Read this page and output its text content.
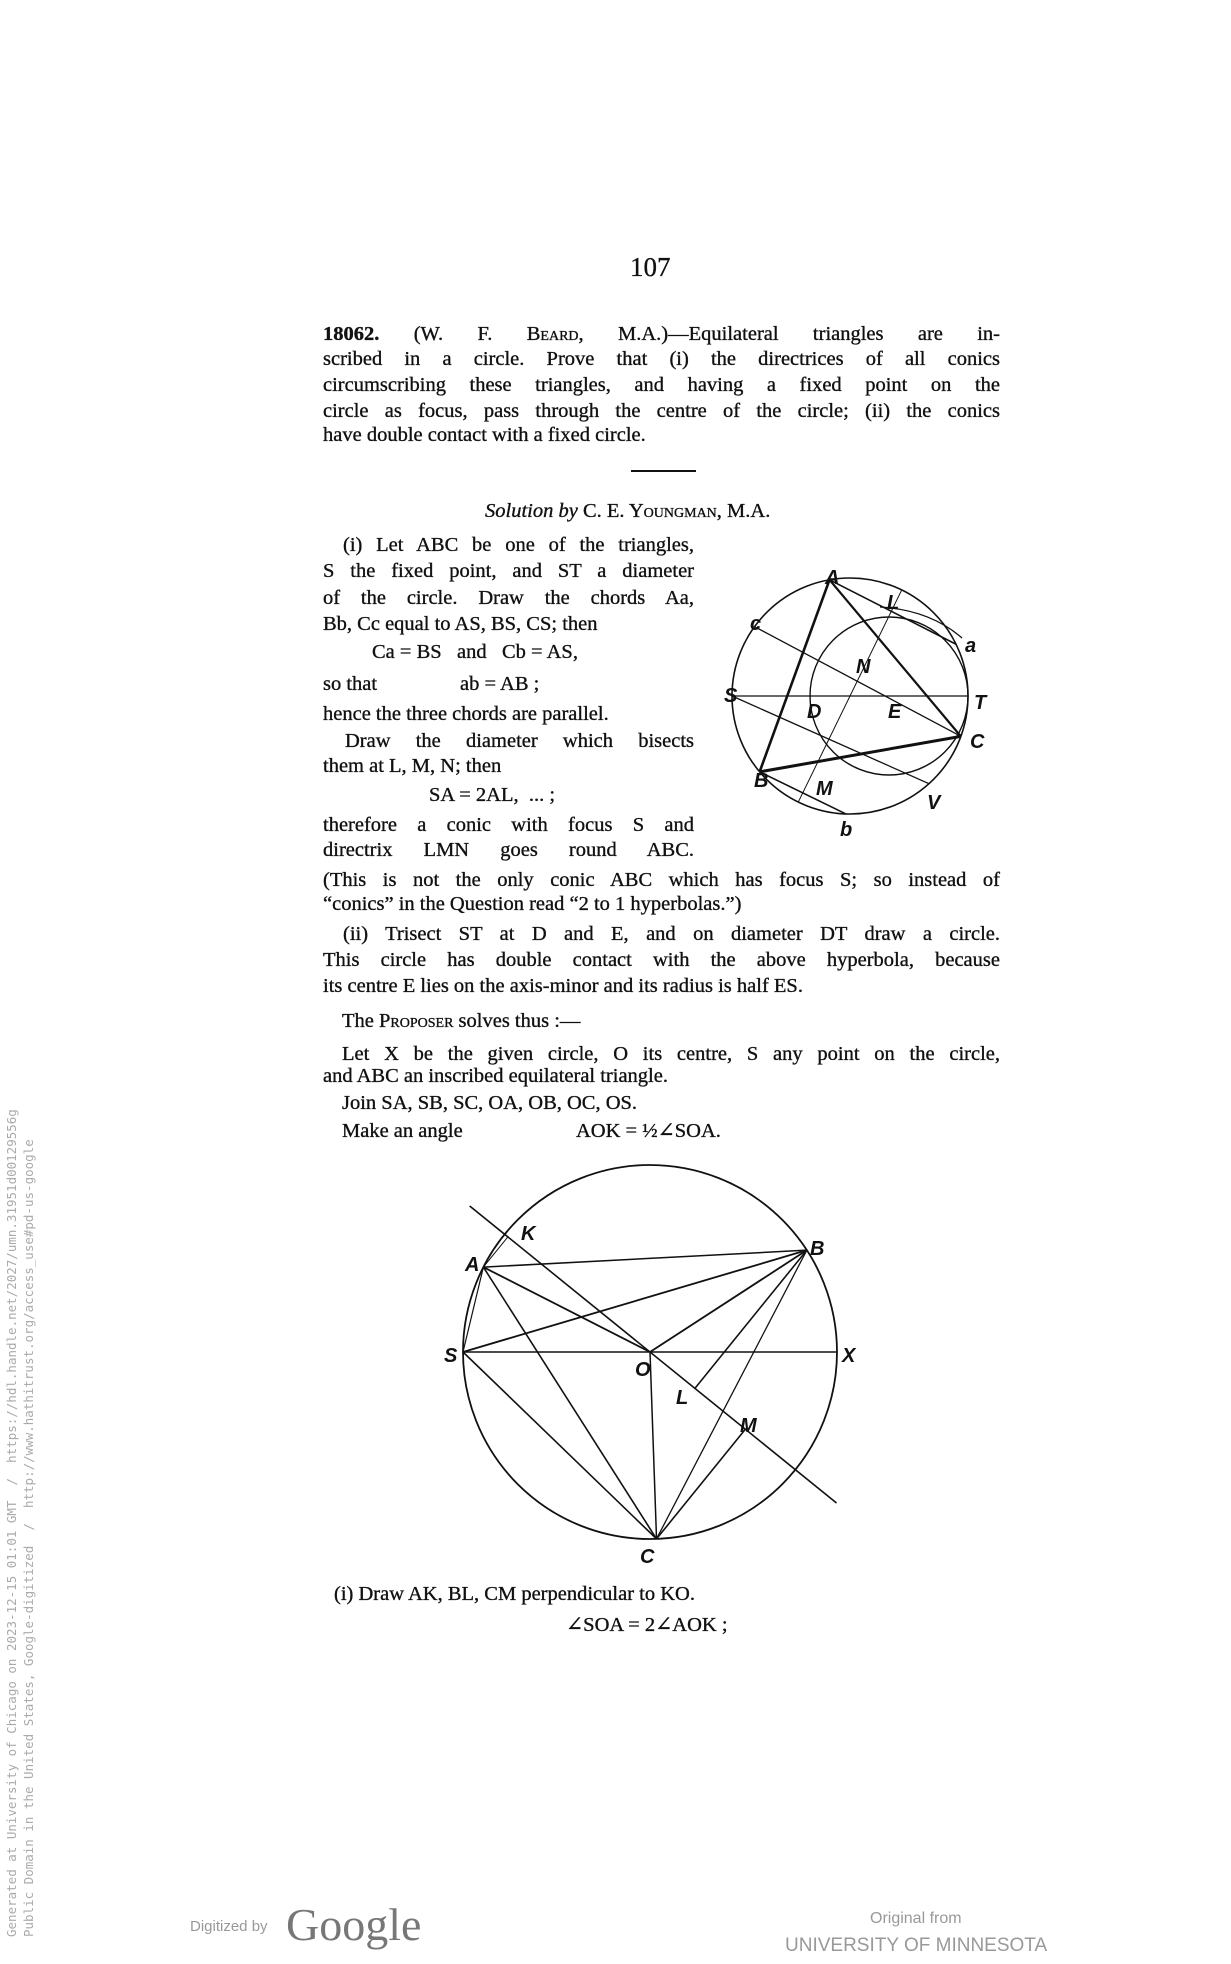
107
18062. (W. F. Beard, M.A.)—Equilateral triangles are in-
scribed in a circle. Prove that (i) the directrices of all conics
circumscribing these triangles, and having a fixed point on the
circle as focus, pass through the centre of the circle; (ii) the conics
have double contact with a fixed circle.
Solution by C. E. Youngman, M.A.
(i) Let ABC be one of the triangles,
S the fixed point, and ST a diameter
of the circle. Draw the chords Aa,
Bb, Cc equal to AS, BS, CS; then
Ca = BS   and   Cb = AS,
so that	ab = AB ;
hence the three chords are parallel.
Draw the diameter which bisects
them at L, M, N; then
SA = 2AL,  ... ;
therefore a conic with focus S and
directrix LMN goes round ABC.
(This is not the only conic ABC which has focus S; so instead of
“conics” in the Question read “2 to 1 hyperbolas.”)
(ii) Trisect ST at D and E, and on diameter DT draw a circle.
This circle has double contact with the above hyperbola, because
its centre E lies on the axis-minor and its radius is half ES.
The Proposer solves thus :—
Let X be the given circle, O its centre, S any point on the circle,
and ABC an inscribed equilateral triangle.
Join SA, SB, SC, OA, OB, OC, OS.
Make an angle	AOK = ½∠SOA.
A
L
c
a
N
S
D	E	T
C
B M
V
b
K
A
B
S
O
X
L
M
C
(i) Draw AK, BL, CM perpendicular to KO.
∠SOA = 2∠AOK ;
Generated at University of Chicago on 2023-12-15 01:01 GMT  /  https://hdl.handle.net/2027/umn.31951d00129556g Public Domain in the United States, Google-digitized  /  http://www.hathitrust.org/access_use#pd-us-google	Digitized by Google	Original from
UNIVERSITY OF MINNESOTA
